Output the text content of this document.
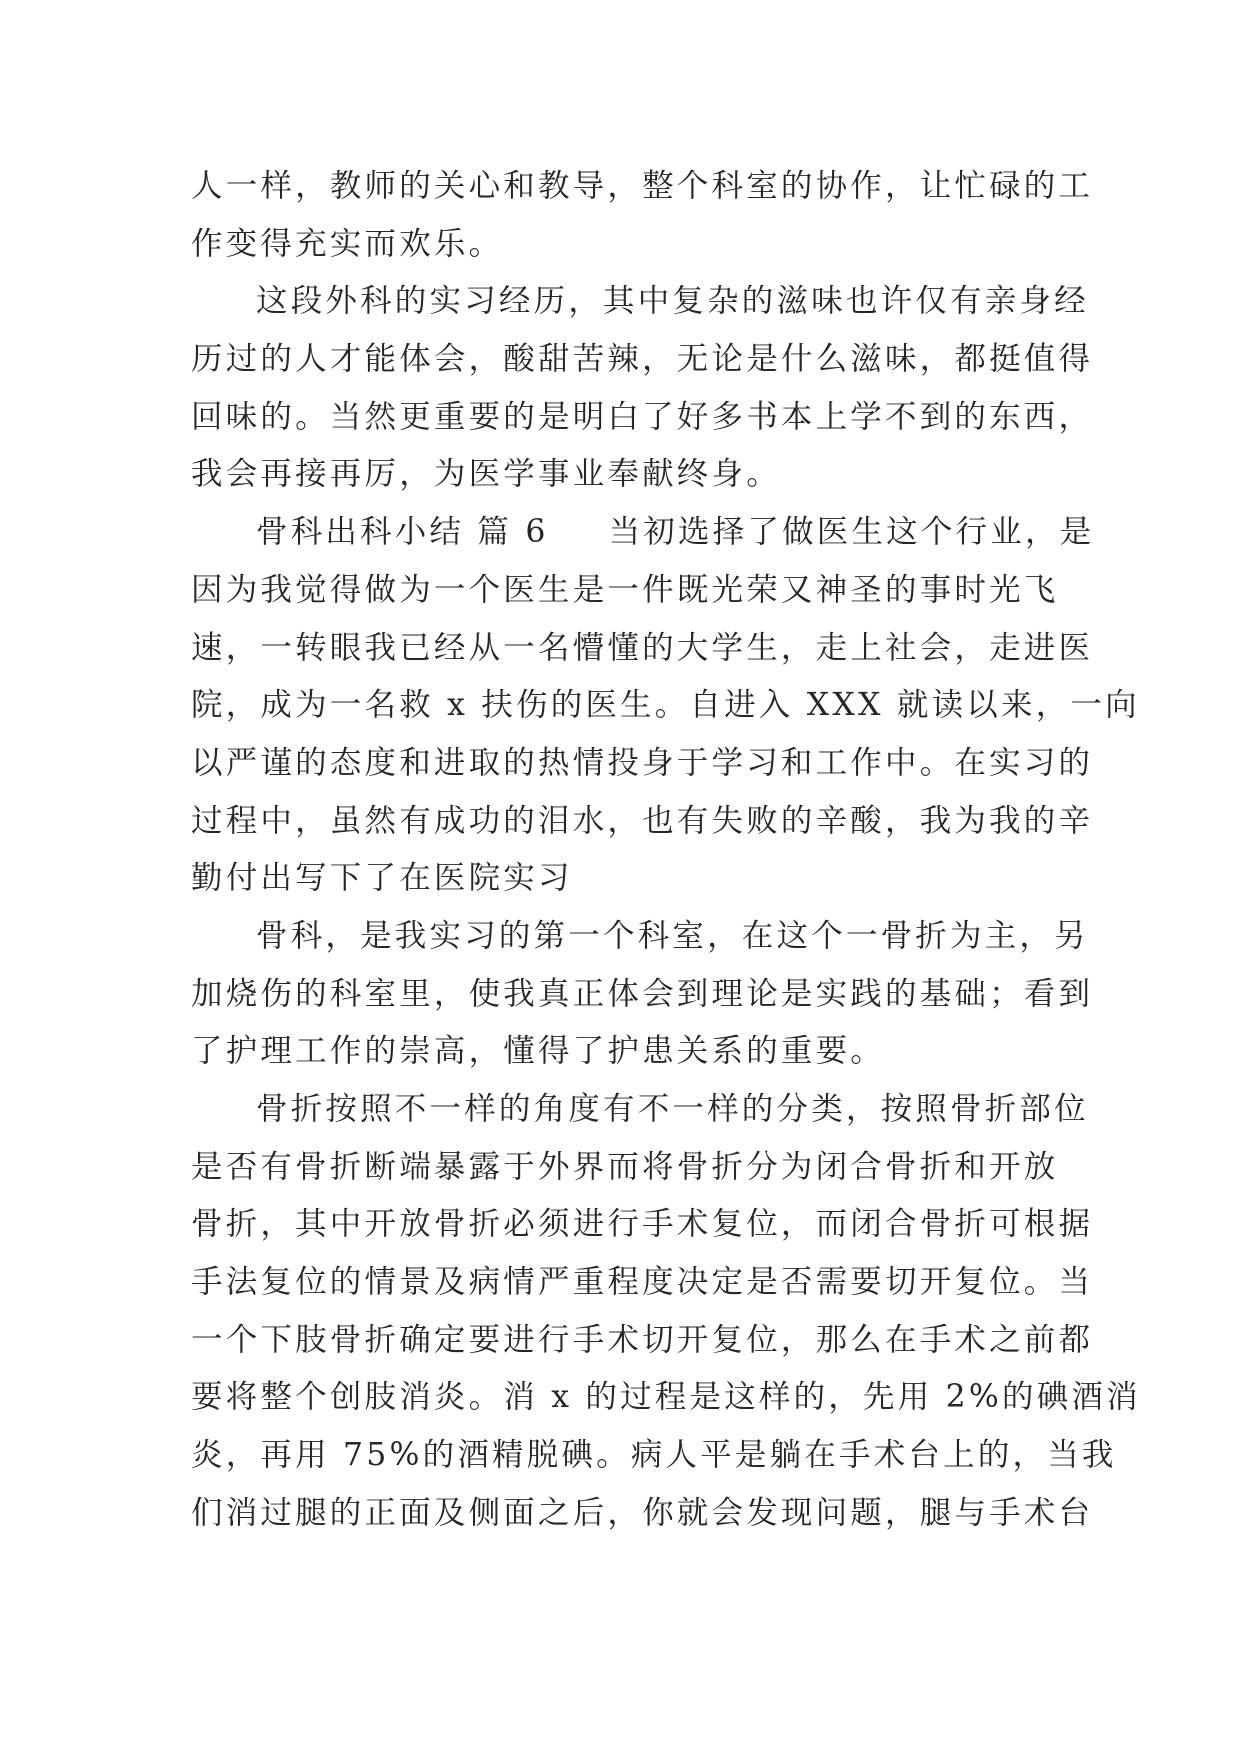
人一样，教师的关心和教导，整个科室的协作，让忙碌的工
作变得充实而欢乐。
这段外科的实习经历，其中复杂的滋味也许仅有亲身经
历过的人才能体会，酸甜苦辣，无论是什么滋味，都挺值得
回味的。当然更重要的是明白了好多书本上学不到的东西，
我会再接再厉，为医学事业奉献终身。
骨科出科小结 篇 6 当初选择了做医生这个行业，是
因为我觉得做为一个医生是一件既光荣又神圣的事时光飞
速，一转眼我已经从一名懵懂的大学生，走上社会，走进医
院，成为一名救 x 扶伤的医生。自进入 XXX 就读以来，一向
以严谨的态度和进取的热情投身于学习和工作中。在实习的
过程中，虽然有成功的泪水，也有失败的辛酸，我为我的辛
勤付出写下了在医院实习
骨科，是我实习的第一个科室，在这个一骨折为主，另
加烧伤的科室里，使我真正体会到理论是实践的基础；看到
了护理工作的崇高，懂得了护患关系的重要。
骨折按照不一样的角度有不一样的分类，按照骨折部位
是否有骨折断端暴露于外界而将骨折分为闭合骨折和开放
骨折，其中开放骨折必须进行手术复位，而闭合骨折可根据
手法复位的情景及病情严重程度决定是否需要切开复位。当
一个下肢骨折确定要进行手术切开复位，那么在手术之前都
要将整个创肢消炎。消 x 的过程是这样的，先用 2%的碘酒消
炎，再用 75%的酒精脱碘。病人平是躺在手术台上的，当我
们消过腿的正面及侧面之后，你就会发现问题，腿与手术台
